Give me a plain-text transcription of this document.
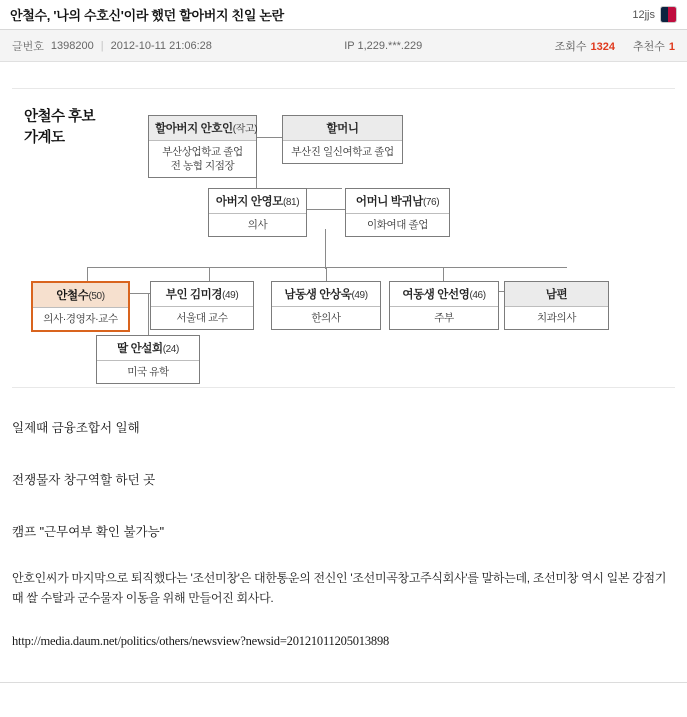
안철수, '나의 수호신'이라 했던 할아버지 친일 논란	12jjs
글번호 1398200 | 2012-10-11 21:06:28	IP 1,229.***.229	조회수 1324 추천수 1
안철수 후보
가계도
할아버지 안호인(작고)
부산상업학교 졸업
전 농협 지점장
할머니
부산진 일신여학교 졸업
아버지 안영모(81)
의사
어머니 박귀남(76)
이화여대 졸업
안철수(50)
의사·경영자·교수
부인 김미경(49)
서울대 교수
남동생 안상욱(49)
한의사
여동생 안선영(46)
주부
남편
치과의사
딸 안설희(24)
미국 유학

일제때 금융조합서 일해

전쟁물자 창구역할 하던 곳

캠프 "근무여부 확인 불가능"

안호인씨가 마지막으로 퇴직했다는 '조선미창'은 대한통운의 전신인 '조선미곡창고주식회사'를 말하는데, 조선미창 역시 일본 강점기 때 쌀 수탈과 군수물자 이동을 위해 만들어진 회사다.

http://media.daum.net/politics/others/newsview?newsid=20121011205013898
